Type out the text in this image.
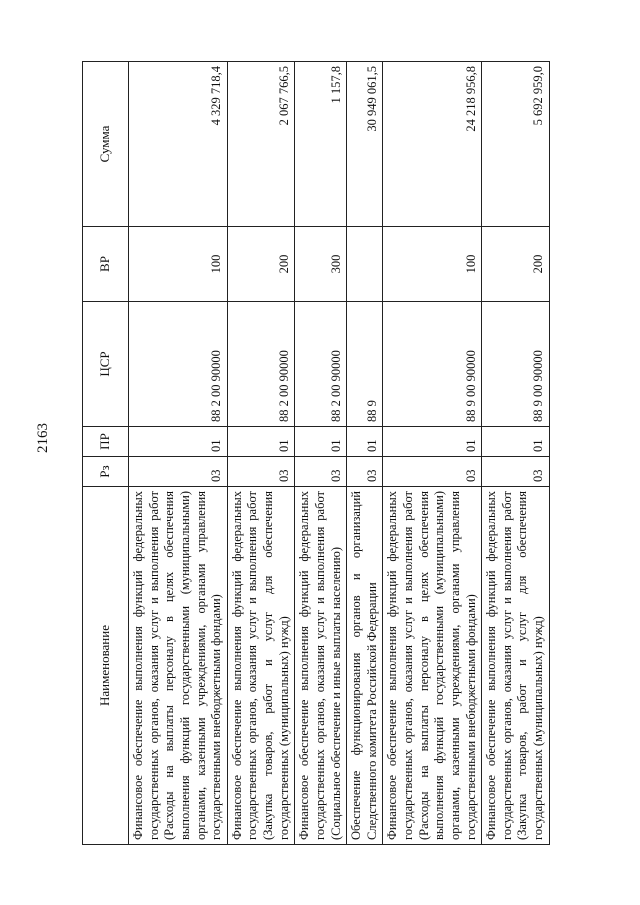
2163
Наименование	Рз	ПР	ЦСР	ВР	Сумма
Финансовое обеспечение выполнения функций федеральных государственных органов, оказания услуг и выполнения работ (Расходы на выплаты персоналу в целях обеспечения выполнения функций государственными (муниципальными) органами, казенными учреждениями, органами управления государственными внебюджетными фондами)	03	01	88 2 00 90000	100	4 329 718,4
Финансовое обеспечение выполнения функций федеральных государственных органов, оказания услуг и выполнения работ (Закупка товаров, работ и услуг для обеспечения государственных (муниципальных) нужд)	03	01	88 2 00 90000	200	2 067 766,5
Финансовое обеспечение выполнения функций федеральных государственных органов, оказания услуг и выполнения работ (Социальное обеспечение и иные выплаты населению)	03	01	88 2 00 90000	300	1 157,8
Обеспечение функционирования органов и организаций Следственного комитета Российской Федерации	03	01	88 9		30 949 061,5
Финансовое обеспечение выполнения функций федеральных государственных органов, оказания услуг и выполнения работ (Расходы на выплаты персоналу в целях обеспечения выполнения функций государственными (муниципальными) органами, казенными учреждениями, органами управления государственными внебюджетными фондами)	03	01	88 9 00 90000	100	24 218 956,8
Финансовое обеспечение выполнения функций федеральных государственных органов, оказания услуг и выполнения работ (Закупка товаров, работ и услуг для обеспечения государственных (муниципальных) нужд)	03	01	88 9 00 90000	200	5 692 959,0
